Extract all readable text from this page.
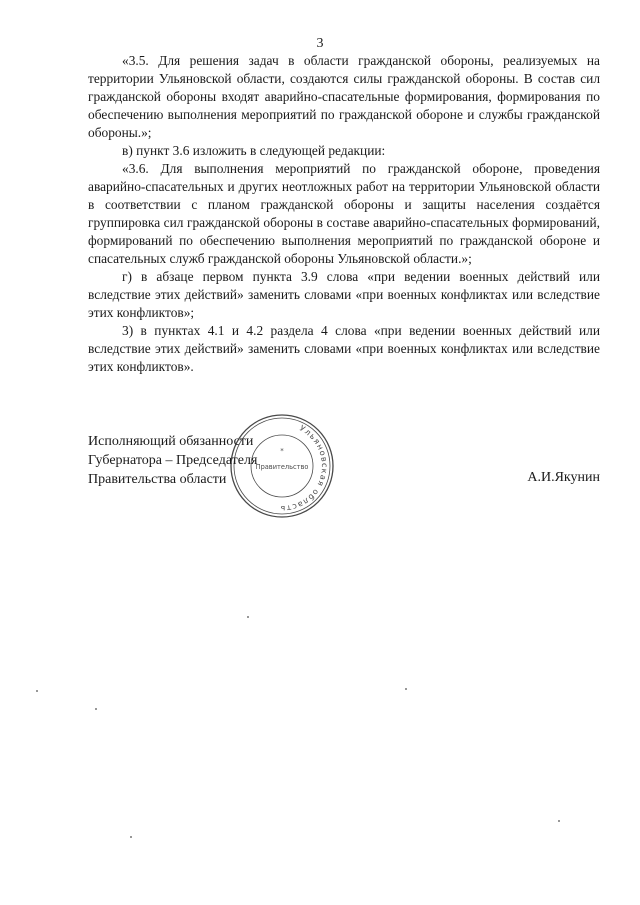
3

«3.5. Для решения задач в области гражданской обороны, реализуемых на территории Ульяновской области, создаются силы гражданской обороны. В состав сил гражданской обороны входят аварийно-спасательные формирования, формирования по обеспечению выполнения мероприятий по гражданской обороне и службы гражданской обороны.»;

в) пункт 3.6 изложить в следующей редакции:

«3.6. Для выполнения мероприятий по гражданской обороне, проведения аварийно-спасательных и других неотложных работ на территории Ульяновской области в соответствии с планом гражданской обороны и защиты населения создаётся группировка сил гражданской обороны в составе аварийно-спасательных формирований, формирований по обеспечению выполнения мероприятий по гражданской обороне и спасательных служб гражданской обороны Ульяновской области.»;

г) в абзаце первом пункта 3.9 слова «при ведении военных действий или вследствие этих действий» заменить словами «при военных конфликтах или вследствие этих конфликтов»;

3) в пунктах 4.1 и 4.2 раздела 4 слова «при ведении военных действий или вследствие этих действий» заменить словами «при военных конфликтах или вследствие этих конфликтов».

Исполняющий обязанности
Губернатора – Председателя
Правительства области	А.И.Якунин
Ульяновская область
Правительство
*
